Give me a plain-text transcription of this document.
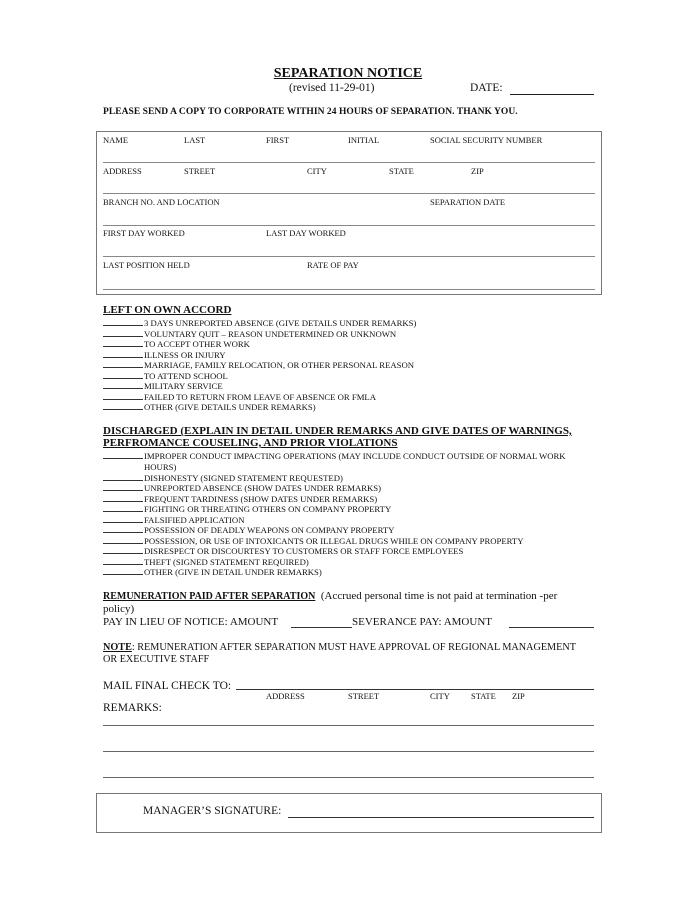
SEPARATION NOTICE
(revised 11-29-01)	DATE:
PLEASE SEND A COPY TO CORPORATE WITHIN 24 HOURS OF SEPARATION. THANK YOU.
NAME	LAST	FIRST	INITIAL	SOCIAL SECURITY NUMBER
ADDRESS	STREET	CITY	STATE	ZIP
BRANCH NO. AND LOCATION	SEPARATION DATE
FIRST DAY WORKED	LAST DAY WORKED
LAST POSITION HELD	RATE OF PAY
LEFT ON OWN ACCORD
3 DAYS UNREPORTED ABSENCE (GIVE DETAILS UNDER REMARKS)
VOLUNTARY QUIT – REASON UNDETERMINED OR UNKNOWN
TO ACCEPT OTHER WORK
ILLNESS OR INJURY
MARRIAGE, FAMILY RELOCATION, OR OTHER PERSONAL REASON
TO ATTEND SCHOOL
MILITARY SERVICE
FAILED TO RETURN FROM LEAVE OF ABSENCE OR FMLA
OTHER (GIVE DETAILS UNDER REMARKS)
DISCHARGED (EXPLAIN IN DETAIL UNDER REMARKS AND GIVE DATES OF WARNINGS,
PERFROMANCE COUSELING, AND PRIOR VIOLATIONS
IMPROPER CONDUCT IMPACTING OPERATIONS (MAY INCLUDE CONDUCT OUTSIDE OF NORMAL WORK HOURS)
DISHONESTY (SIGNED STATEMENT REQUESTED)
UNREPORTED ABSENCE (SHOW DATES UNDER REMARKS)
FREQUENT TARDINESS (SHOW DATES UNDER REMARKS)
FIGHTING OR THREATING OTHERS ON COMPANY PROPERTY
FALSIFIED APPLICATION
POSSESSION OF DEADLY WEAPONS ON COMPANY PROPERTY
POSSESSION, OR USE OF INTOXICANTS OR ILLEGAL DRUGS WHILE ON COMPANY PROPERTY
DISRESPECT OR DISCOURTESY TO CUSTOMERS OR STAFF FORCE EMPLOYEES
THEFT (SIGNED STATEMENT REQUIRED)
OTHER (GIVE IN DETAIL UNDER REMARKS)
REMUNERATION PAID AFTER SEPARATION (Accrued personal time is not paid at termination -per
policy)
PAY IN LIEU OF NOTICE: AMOUNT	SEVERANCE PAY: AMOUNT
NOTE: REMUNERATION AFTER SEPARATION MUST HAVE APPROVAL OF REGIONAL MANAGEMENT
OR EXECUTIVE STAFF
MAIL FINAL CHECK TO:
ADDRESS	STREET	CITY STATE ZIP
REMARKS:
MANAGER’S SIGNATURE:
